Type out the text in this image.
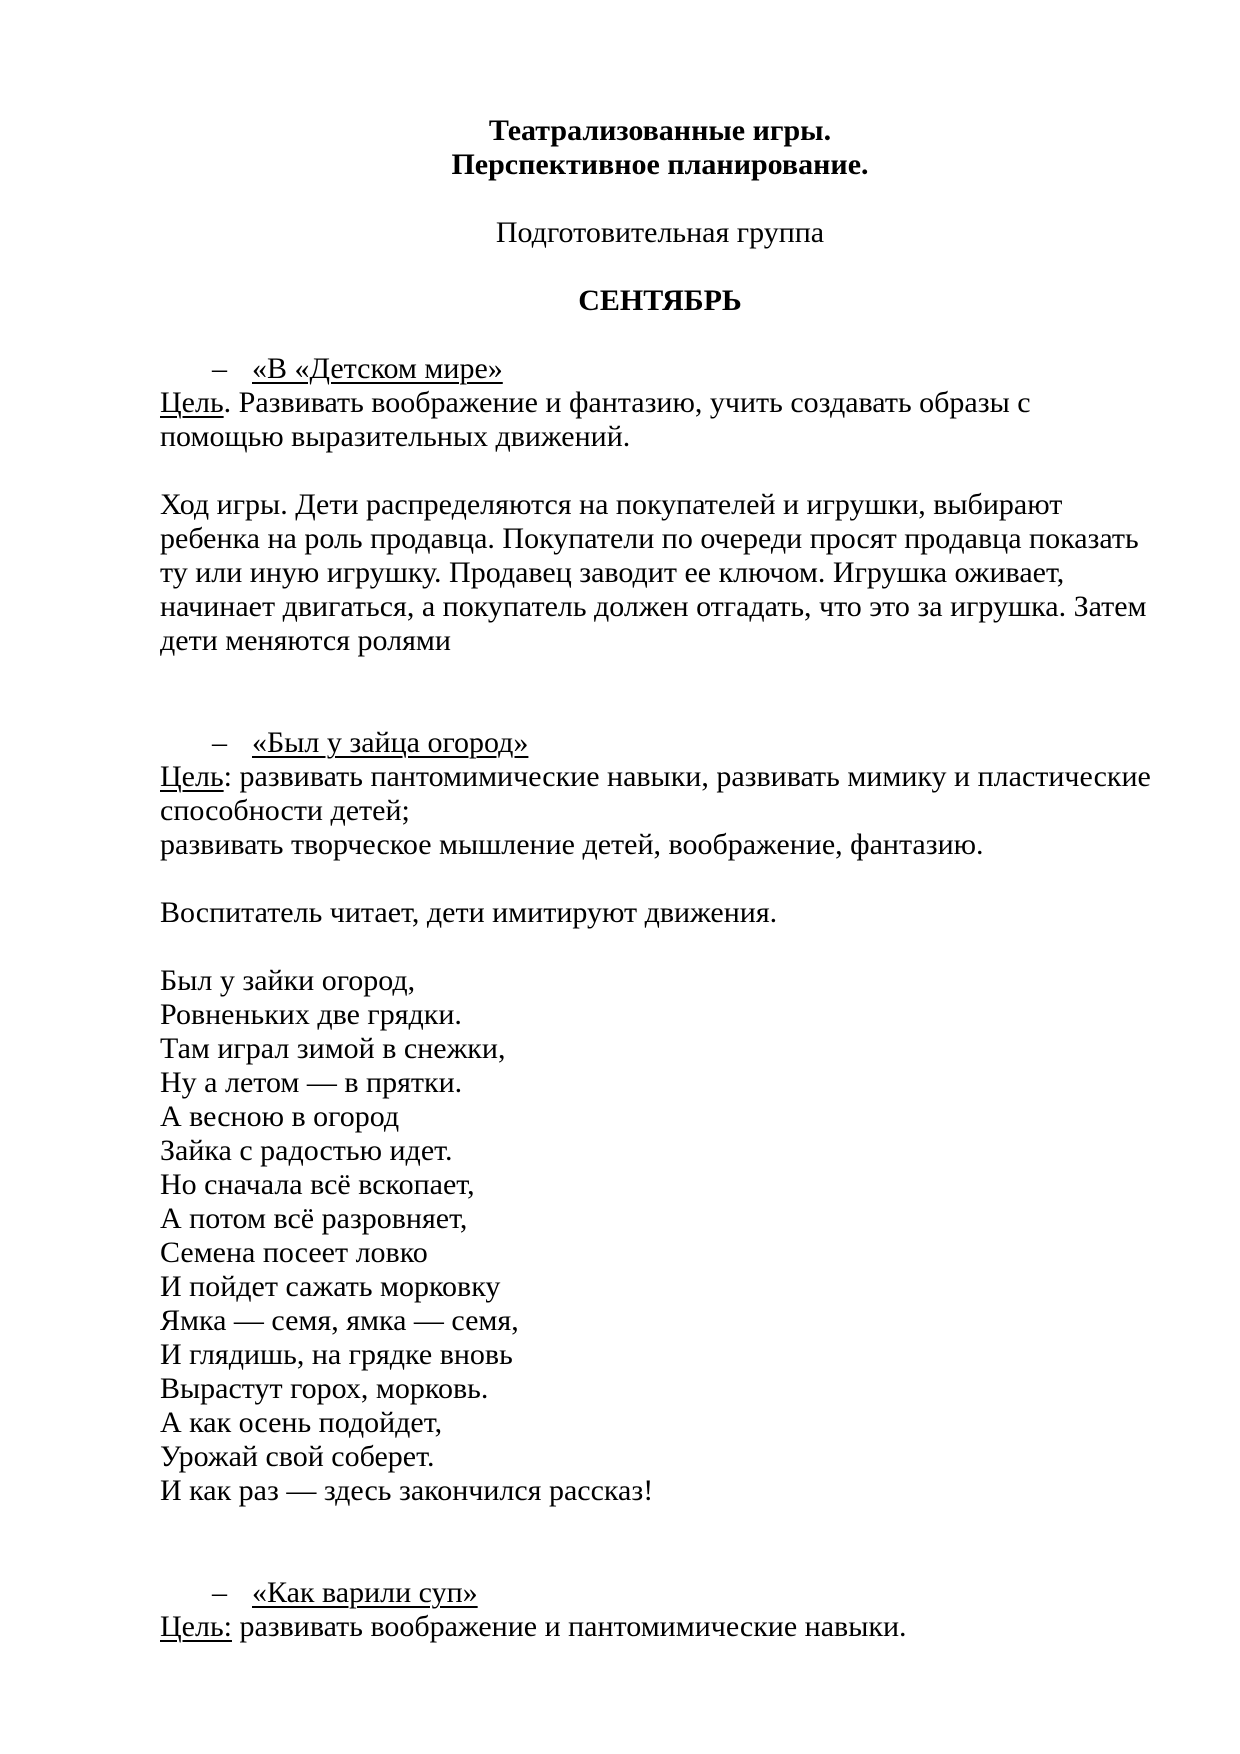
Театрализованные игры.
Перспективное планирование.
Подготовительная группа
СЕНТЯБРЬ
– «В «Детском мире»
Цель. Развивать воображение и фантазию, учить создавать образы с
помощью выразительных движений.
Ход игры. Дети распределяются на покупателей и игрушки, выбирают
ребенка на роль продавца. Покупатели по очереди просят продавца показать
ту или иную игрушку. Продавец заводит ее ключом. Игрушка оживает,
начинает двигаться, а покупатель должен отгадать, что это за игрушка. Затем
дети меняются ролями
– «Был у зайца огород»
Цель: развивать пантомимические навыки, развивать мимику и пластические
способности детей;
развивать творческое мышление детей, воображение, фантазию.
Воспитатель читает, дети имитируют движения.
Был у зайки огород,
Ровненьких две грядки.
Там играл зимой в снежки,
Ну а летом — в прятки.
А весною в огород
Зайка с радостью идет.
Но сначала всё вскопает,
А потом всё разровняет,
Семена посеет ловко
И пойдет сажать морковку
Ямка — семя, ямка — семя,
И глядишь, на грядке вновь
Вырастут горох, морковь.
А как осень подойдет,
Урожай свой соберет.
И как раз — здесь закончился рассказ!
– «Как варили суп»
Цель: развивать воображение и пантомимические навыки.
